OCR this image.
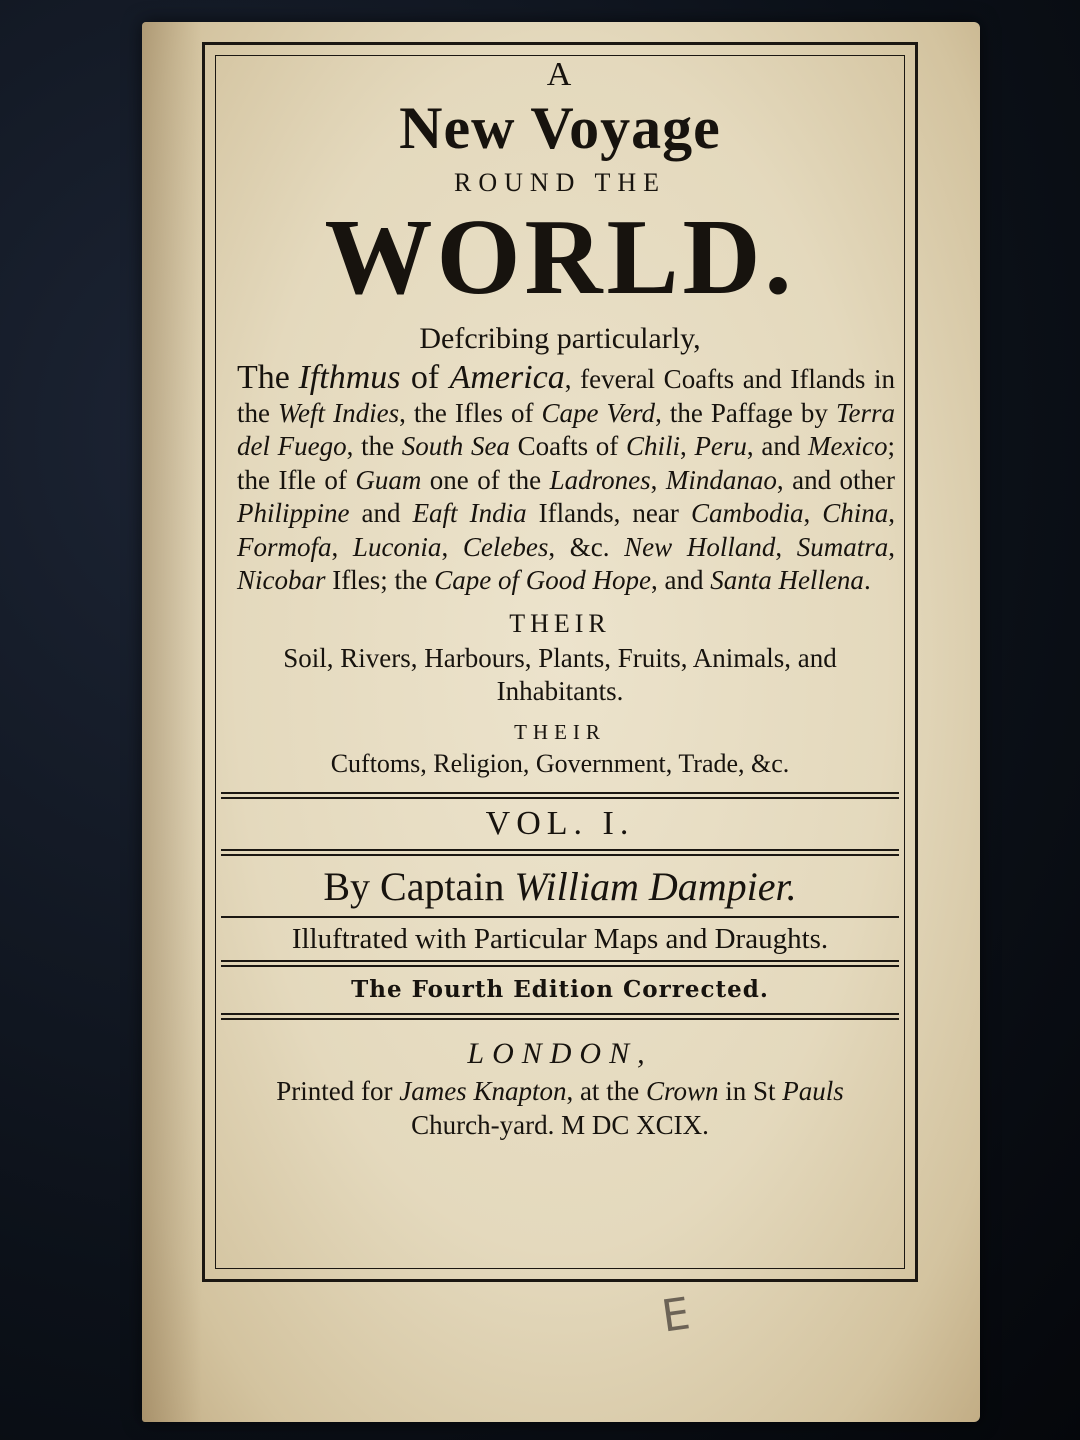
A
New Voyage
ROUND THE
WORLD.
Defcribing particularly,

The Ifthmus of America, feveral Coafts and Iflands in the Weft Indies, the Ifles of Cape Verd, the Paffage by Terra del Fuego, the South Sea Coafts of Chili, Peru, and Mexico; the Ifle of Guam one of the Ladrones, Mindanao, and other Philippine and Eaft India Iflands, near Cambodia, China, Formofa, Luconia, Celebes, &c. New Holland, Sumatra, Nicobar Ifles; the Cape of Good Hope, and Santa Hellena.

THEIR

Soil, Rivers, Harbours, Plants, Fruits, Animals, and Inhabitants.

THEIR
Cuftoms, Religion, Government, Trade, &c.
VOL. I.
By Captain William Dampier.
Illuftrated with Particular Maps and Draughts.
The Fourth Edition Corrected.
LONDON,
Printed for James Knapton, at the Crown in St Pauls
Church-yard. M DC XCIX.
E
